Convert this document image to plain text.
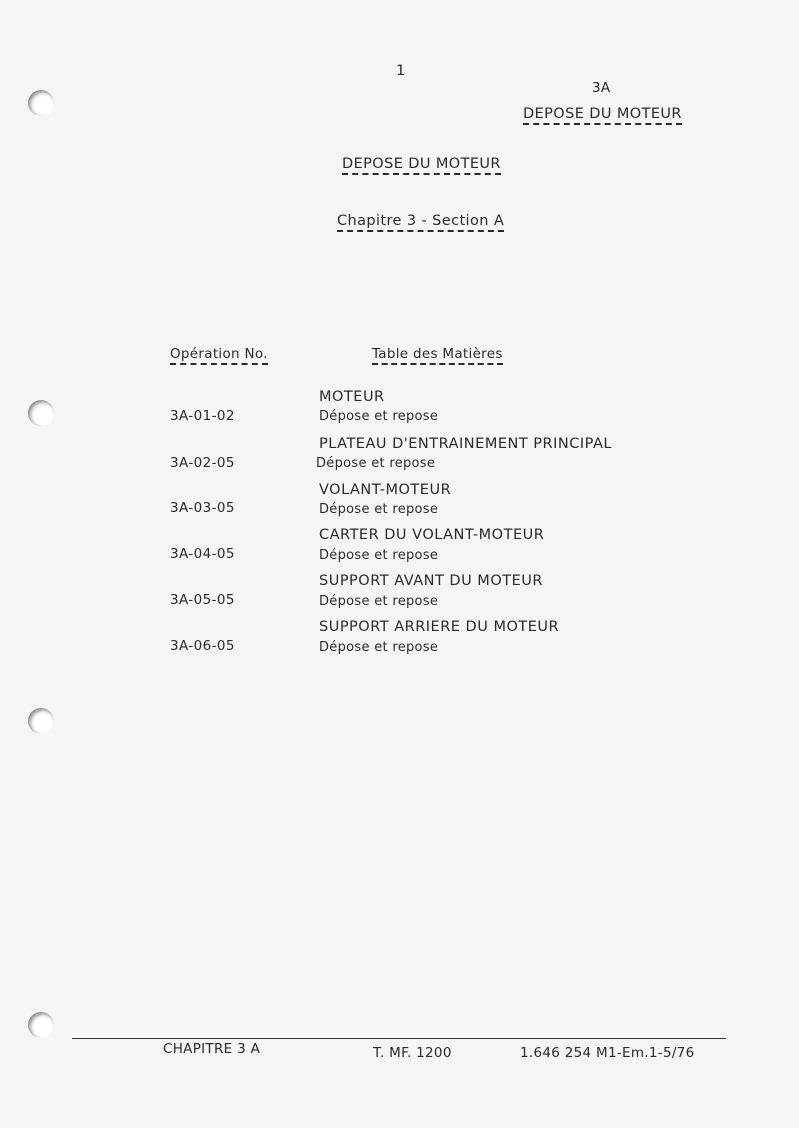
1
3A
DEPOSE DU MOTEUR
DEPOSE DU MOTEUR
Chapitre 3 - Section A
Opération No.	Table des Matières
MOTEUR
3A-01-02	Dépose et repose
PLATEAU D'ENTRAINEMENT PRINCIPAL
3A-02-05	Dépose et repose
VOLANT-MOTEUR
3A-03-05	Dépose et repose
CARTER DU VOLANT-MOTEUR
3A-04-05	Dépose et repose
SUPPORT AVANT DU MOTEUR
3A-05-05	Dépose et repose
SUPPORT ARRIERE DU MOTEUR
3A-06-05	Dépose et repose
CHAPITRE 3 A	T. MF. 1200	1.646 254 M1-Em.1-5/76
